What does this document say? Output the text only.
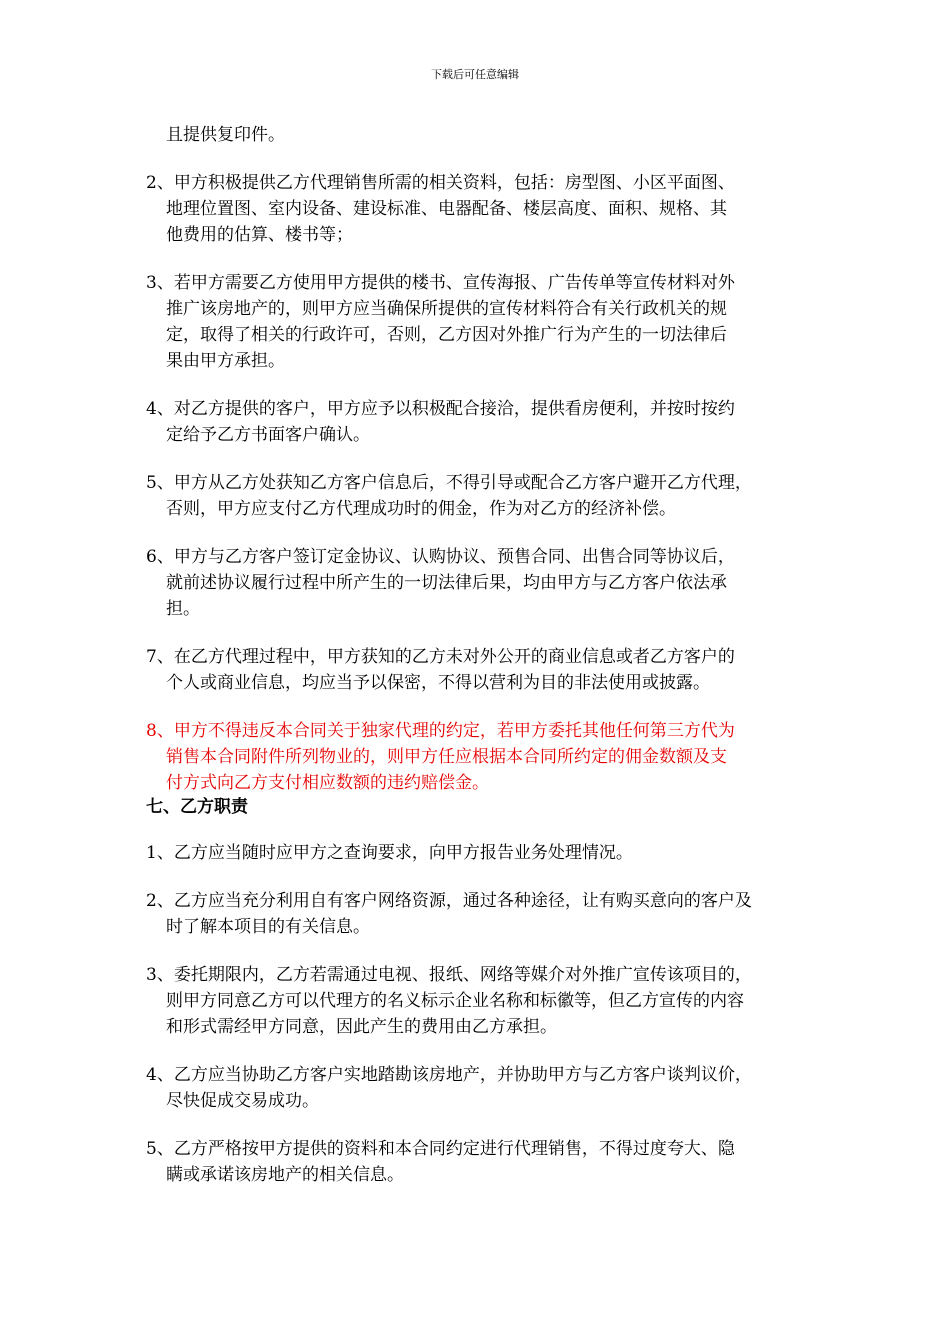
下载后可任意编辑
且提供复印件。
2、甲方积极提供乙方代理销售所需的相关资料，包括：房型图、小区平面图、
地理位置图、室内设备、建设标准、电器配备、楼层高度、面积、规格、其
他费用的估算、楼书等；
3、若甲方需要乙方使用甲方提供的楼书、宣传海报、广告传单等宣传材料对外
推广该房地产的，则甲方应当确保所提供的宣传材料符合有关行政机关的规
定，取得了相关的行政许可，否则，乙方因对外推广行为产生的一切法律后
果由甲方承担。
4、对乙方提供的客户，甲方应予以积极配合接洽，提供看房便利，并按时按约
定给予乙方书面客户确认。
5、甲方从乙方处获知乙方客户信息后，不得引导或配合乙方客户避开乙方代理，
否则，甲方应支付乙方代理成功时的佣金，作为对乙方的经济补偿。
6、甲方与乙方客户签订定金协议、认购协议、预售合同、出售合同等协议后，
就前述协议履行过程中所产生的一切法律后果，均由甲方与乙方客户依法承
担。
7、在乙方代理过程中，甲方获知的乙方未对外公开的商业信息或者乙方客户的
个人或商业信息，均应当予以保密，不得以营利为目的非法使用或披露。
8、甲方不得违反本合同关于独家代理的约定，若甲方委托其他任何第三方代为
销售本合同附件所列物业的，则甲方任应根据本合同所约定的佣金数额及支
付方式向乙方支付相应数额的违约赔偿金。
七、乙方职责
1、乙方应当随时应甲方之查询要求，向甲方报告业务处理情况。
2、乙方应当充分利用自有客户网络资源，通过各种途径，让有购买意向的客户及
时了解本项目的有关信息。
3、委托期限内，乙方若需通过电视、报纸、网络等媒介对外推广宣传该项目的，
则甲方同意乙方可以代理方的名义标示企业名称和标徽等，但乙方宣传的内容
和形式需经甲方同意，因此产生的费用由乙方承担。
4、乙方应当协助乙方客户实地踏勘该房地产，并协助甲方与乙方客户谈判议价，
尽快促成交易成功。
5、乙方严格按甲方提供的资料和本合同约定进行代理销售，不得过度夸大、隐
瞒或承诺该房地产的相关信息。
